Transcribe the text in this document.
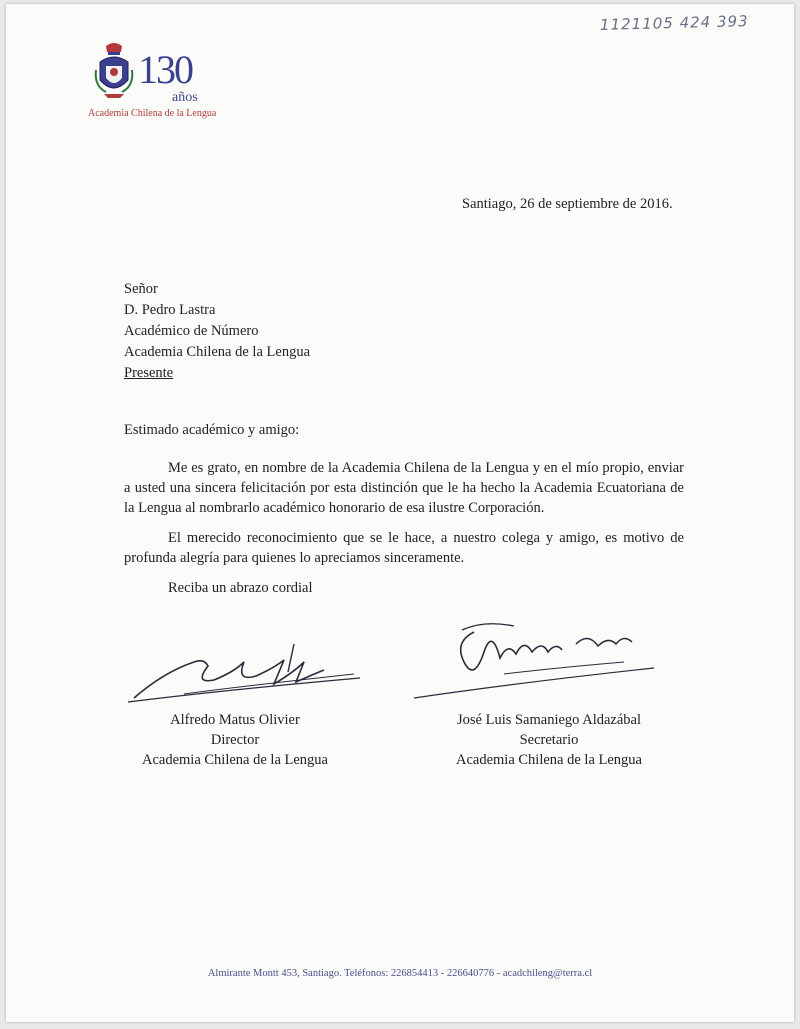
1121105 424 393
130
años
Academia Chilena de la Lengua
Santiago, 26 de septiembre de 2016.
Señor
D. Pedro Lastra
Académico de Número
Academia Chilena de la Lengua
Presente
Estimado académico y amigo:
Me es grato, en nombre de la Academia Chilena de la Lengua y en el mío propio, enviar a usted una sincera felicitación por esta distinción que le ha hecho la Academia Ecuatoriana de la Lengua al nombrarlo académico honorario de esa ilustre Corporación.
El merecido reconocimiento que se le hace, a nuestro colega y amigo, es motivo de profunda alegría para quienes lo apreciamos sinceramente.
Reciba un abrazo cordial
Alfredo Matus Olivier
Director
Academia Chilena de la Lengua
José Luis Samaniego Aldazábal
Secretario
Academia Chilena de la Lengua
Almirante Montt 453, Santiago. Teléfonos: 226854413 - 226640776 - acadchileng@terra.cl
